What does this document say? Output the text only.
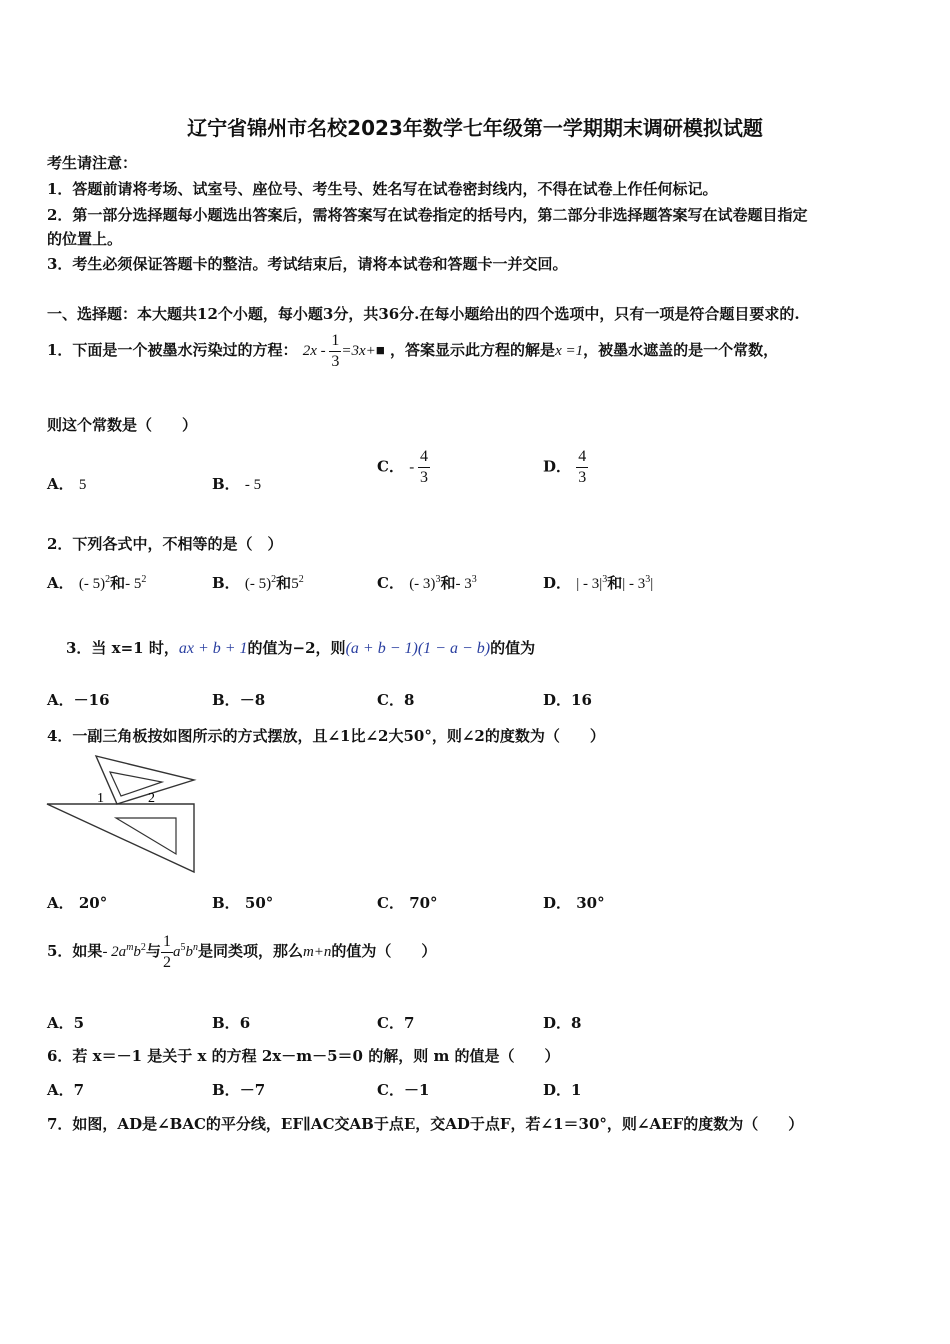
辽宁省锦州市名校2023年数学七年级第一学期期末调研模拟试题
考生请注意：
1．答题前请将考场、试室号、座位号、考生号、姓名写在试卷密封线内，不得在试卷上作任何标记。
2．第一部分选择题每小题选出答案后，需将答案写在试卷指定的括号内，第二部分非选择题答案写在试卷题目指定
的位置上。
3．考生必须保证答题卡的整洁。考试结束后，请将本试卷和答题卡一并交回。
一、选择题：本大题共12个小题，每小题3分，共36分.在每小题给出的四个选项中，只有一项是符合题目要求的.
1．下面是一个被墨水污染过的方程： $2x - \frac{1}{3}$ =3x+■ ，答案显示此方程的解是x =1，被墨水遮盖的是一个常数，
则这个常数是（　　）
A． 5	B． - 5
C． - $\frac{4}{3}$	D． $\frac{4}{3}$
2．下列各式中，不相等的是（　）
A． (- 5)$^2$和- $5^2$	B． (- 5)$^2$和$5^2$	C． (- 3)$^3$和- $3^3$	D． | - $3|^3$和| - $3^3|$
3．当 x=1 时，ax + b + 1的值为−2，则(a + b − 1)(1 − a − b)的值为
A．－16	B．－8	C．8	D．16
4．一副三角板按如图所示的方式摆放，且∠1比∠2大50°，则∠2的度数为（　　）
1	2
A． 20°	B． 50°	C． 70°	D． 30°
5．如果- $2a^mb^2$与 $\frac{1}{2} a^5b^n$是同类项，那么m+n的值为（　　）
A．5	B．6	C．7	D．8
6．若 x＝－1 是关于 x 的方程 2x－m－5＝0 的解，则 m 的值是（　　）
A．7	B．－7	C．－1	D．1
7．如图，AD是∠BAC的平分线，EF∥AC交AB于点E，交AD于点F，若∠1＝30°，则∠AEF的度数为（　　）
